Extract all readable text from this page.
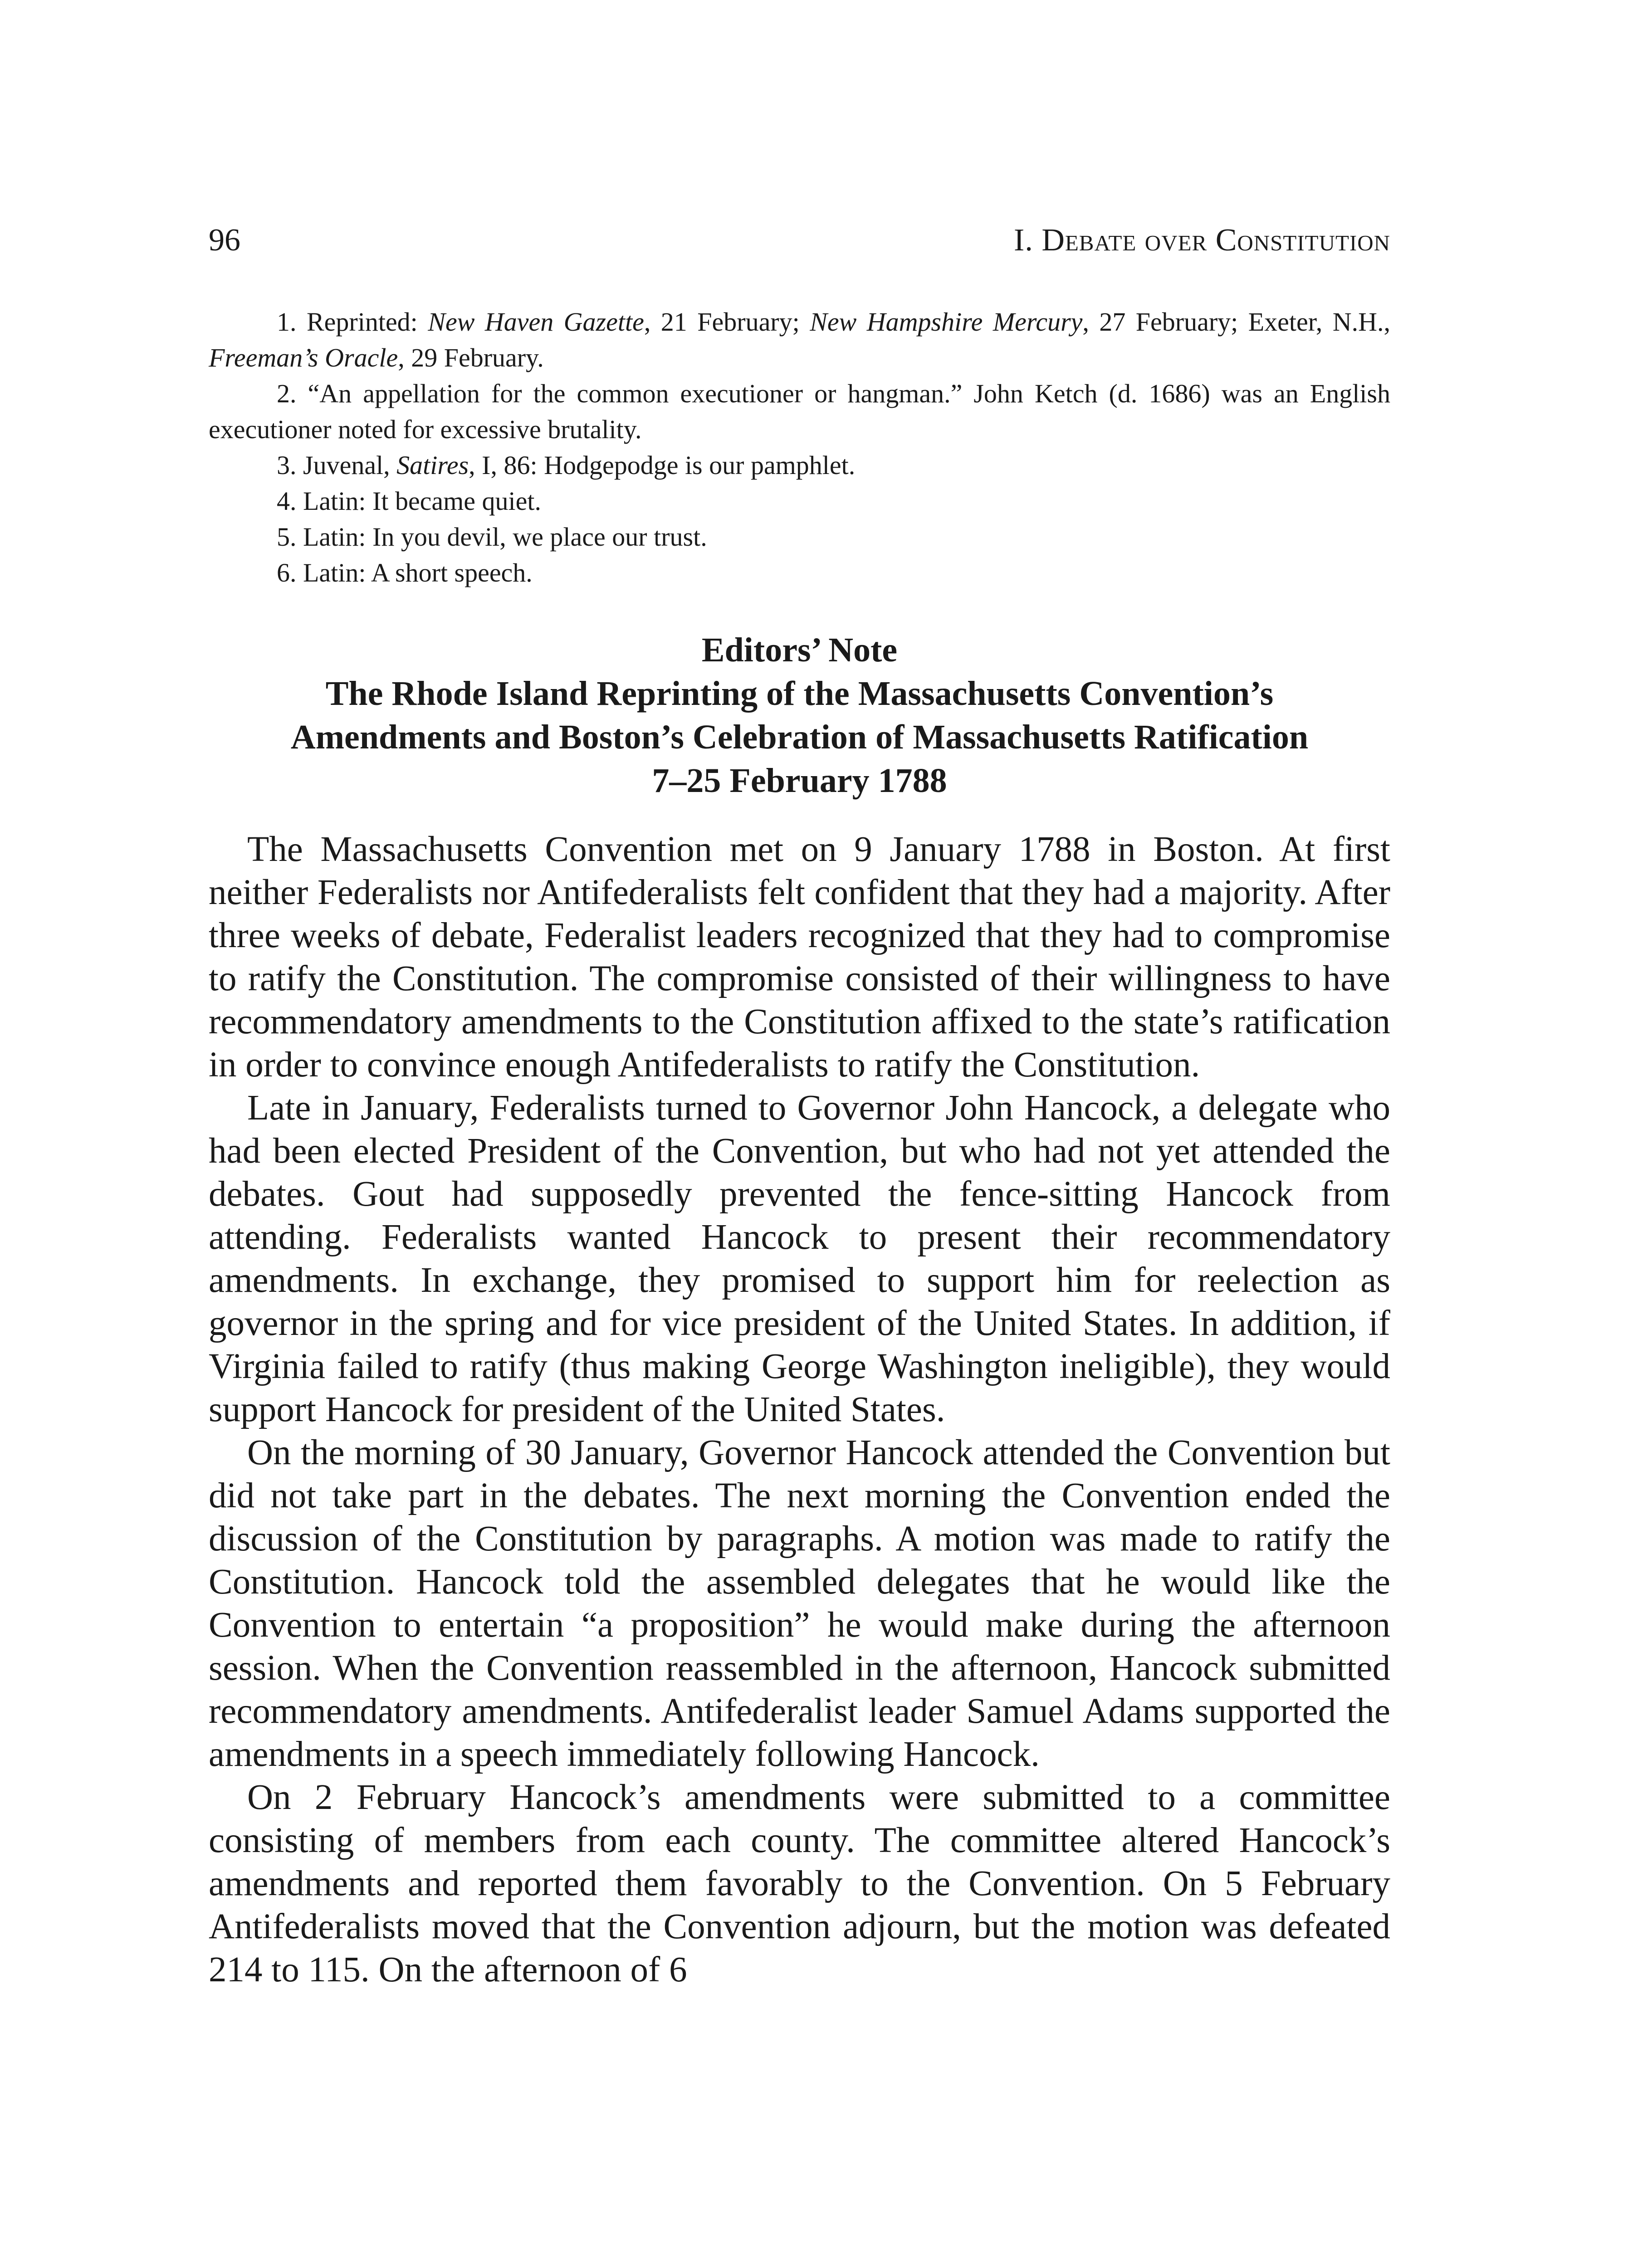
96	I. Debate over Constitution

1. Reprinted: New Haven Gazette, 21 February; New Hampshire Mercury, 27 February; Exeter, N.H., Freeman’s Oracle, 29 February.

2. “An appellation for the common executioner or hangman.” John Ketch (d. 1686) was an English executioner noted for excessive brutality.

3. Juvenal, Satires, I, 86: Hodgepodge is our pamphlet.

4. Latin: It became quiet.

5. Latin: In you devil, we place our trust.

6. Latin: A short speech.

Editors’ Note
The Rhode Island Reprinting of the Massachusetts Convention’s
Amendments and Boston’s Celebration of Massachusetts Ratification
7–25 February 1788

The Massachusetts Convention met on 9 January 1788 in Boston. At first neither Federalists nor Antifederalists felt confident that they had a majority. After three weeks of debate, Federalist leaders recognized that they had to compromise to ratify the Constitution. The compromise consisted of their willingness to have recommendatory amendments to the Constitution affixed to the state’s ratification in order to convince enough Antifederalists to ratify the Constitution.

Late in January, Federalists turned to Governor John Hancock, a delegate who had been elected President of the Convention, but who had not yet attended the debates. Gout had supposedly prevented the fence-sitting Hancock from attending. Federalists wanted Hancock to present their recommendatory amendments. In exchange, they promised to support him for reelection as governor in the spring and for vice president of the United States. In addition, if Virginia failed to ratify (thus making George Washington ineligible), they would support Hancock for president of the United States.

On the morning of 30 January, Governor Hancock attended the Convention but did not take part in the debates. The next morning the Convention ended the discussion of the Constitution by paragraphs. A motion was made to ratify the Constitution. Hancock told the assembled delegates that he would like the Convention to entertain “a proposition” he would make during the afternoon session. When the Convention reassembled in the afternoon, Hancock submitted recommendatory amendments. Antifederalist leader Samuel Adams supported the amendments in a speech immediately following Hancock.

On 2 February Hancock’s amendments were submitted to a committee consisting of members from each county. The committee altered Hancock’s amendments and reported them favorably to the Convention. On 5 February Antifederalists moved that the Convention adjourn, but the motion was defeated 214 to 115. On the afternoon of 6
